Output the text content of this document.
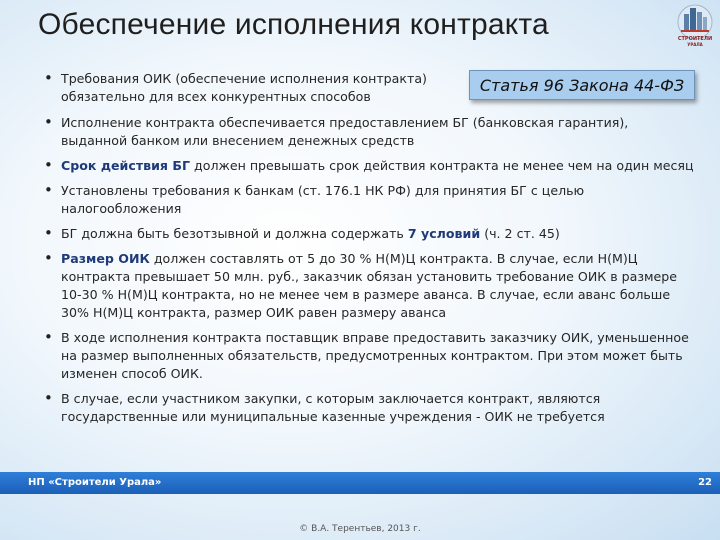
Обеспечение исполнения контракта	СТРОИТЕЛИ
УРАЛА
Статья 96 Закона 44-ФЗ
• Требования ОИК (обеспечение исполнения контракта)
обязательно для всех конкурентных способов
• Исполнение контракта обеспечивается предоставлением БГ (банковская гарантия), выданной банком или внесением денежных средств
• Срок действия БГ должен превышать срок действия контракта не менее чем на один месяц
• Установлены требования к банкам (ст. 176.1 НК РФ) для принятия БГ с целью налогообложения
• БГ должна быть безотзывной и должна содержать 7 условий (ч. 2 ст. 45)
• Размер ОИК должен составлять от 5 до 30 % Н(М)Ц контракта. В случае, если Н(М)Ц контракта превышает 50 млн. руб., заказчик обязан установить требование ОИК в размере 10-30 % Н(М)Ц контракта, но не менее чем в размере аванса. В случае, если аванс больше 30% Н(М)Ц контракта, размер ОИК равен размеру аванса
• В ходе исполнения контракта поставщик вправе предоставить заказчику ОИК, уменьшенное на размер выполненных обязательств, предусмотренных контрактом. При этом может быть изменен способ ОИК.
• В случае, если участником закупки, с которым заключается контракт, являются государственные или муниципальные казенные учреждения - ОИК не требуется
НП «Строители Урала»	22
© В.А. Терентьев, 2013 г.
